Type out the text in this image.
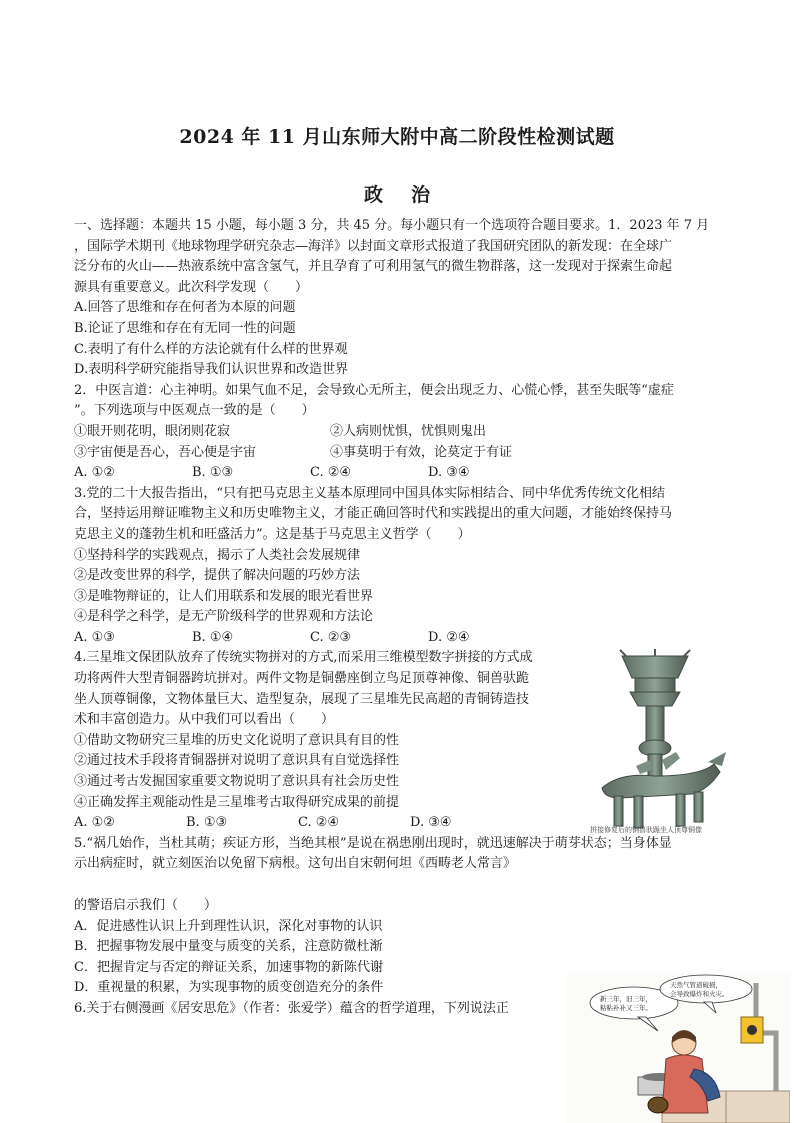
2024 年 11 月山东师大附中高二阶段性检测试题
政治

一、选择题：本题共 15 小题，每小题 3 分，共 45 分。每小题只有一个选项符合题目要求。1．2023 年 7 月

，国际学术期刊《地球物理学研究杂志—海洋》以封面文章形式报道了我国研究团队的新发现：在全球广

泛分布的火山——热液系统中富含氢气，并且孕育了可利用氢气的微生物群落，这一发现对于探索生命起

源具有重要意义。此次科学发现（　　）

A.回答了思维和存在何者为本原的问题

B.论证了思维和存在有无同一性的问题

C.表明了有什么样的方法论就有什么样的世界观

D.表明科学研究能指导我们认识世界和改造世界

2．中医言道：心主神明。如果气血不足，会导致心无所主，便会出现乏力、心慌心悸，甚至失眠等“虚症

”。下列选项与中医观点一致的是（　　）

①眼开则花明，眼闭则花寂	②人病则忧惧，忧惧则鬼出

③宇宙便是吾心，吾心便是宇宙	④事莫明于有效，论莫定于有证

A. ①②	B. ①③	C. ②④	D. ③④

3.党的二十大报告指出，“只有把马克思主义基本原理同中国具体实际相结合、同中华优秀传统文化相结

合，坚持运用辩证唯物主义和历史唯物主义，才能正确回答时代和实践提出的重大问题，才能始终保持马

克思主义的蓬勃生机和旺盛活力”。这是基于马克思主义哲学（　　）

①坚持科学的实践观点，揭示了人类社会发展规律

②是改变世界的科学，提供了解决问题的巧妙方法

③是唯物辩证的，让人们用联系和发展的眼光看世界

④是科学之科学，是无产阶级科学的世界观和方法论

A. ①③	B. ①④	C. ②③	D. ②④

4.三星堆文保团队放弃了传统实物拼对的方式,而采用三维模型数字拼接的方式成

功将两件大型青铜器跨坑拼对。两件文物是铜罍座倒立鸟足顶尊神像、铜兽驮跪

坐人顶尊铜像，文物体量巨大、造型复杂，展现了三星堆先民高超的青铜铸造技

术和丰富创造力。从中我们可以看出（　　）

①借助文物研究三星堆的历史文化说明了意识具有目的性

②通过技术手段将青铜器拼对说明了意识具有自觉选择性

③通过考古发掘国家重要文物说明了意识具有社会历史性

④正确发挥主观能动性是三星堆考古取得研究成果的前提

A. ①②	B. ①③	C. ②④	D. ③④

5.“祸几始作，当杜其萌；疾证方形，当绝其根”是说在祸患刚出现时，就迅速解决于萌芽状态；当身体显

示出病症时，就立刻医治以免留下病根。这句出自宋朝何坦《西畴老人常言》

的警语启示我们（　　）

A．促进感性认识上升到理性认识，深化对事物的认识

B．把握事物发展中量变与质变的关系，注意防微杜渐

C．把握肯定与否定的辩证关系，加速事物的新陈代谢

D．重视量的积累，为实现事物的质变创造充分的条件

6.关于右侧漫画《居安思危》（作者：张爱学）蕴含的哲学道理，下列说法正

拼接修复后的铜兽驮跪坐人顶尊铜像
新三年，旧三年，
粘粘补补又三年。
天然气管道破损，
会导致爆炸和火灾。
